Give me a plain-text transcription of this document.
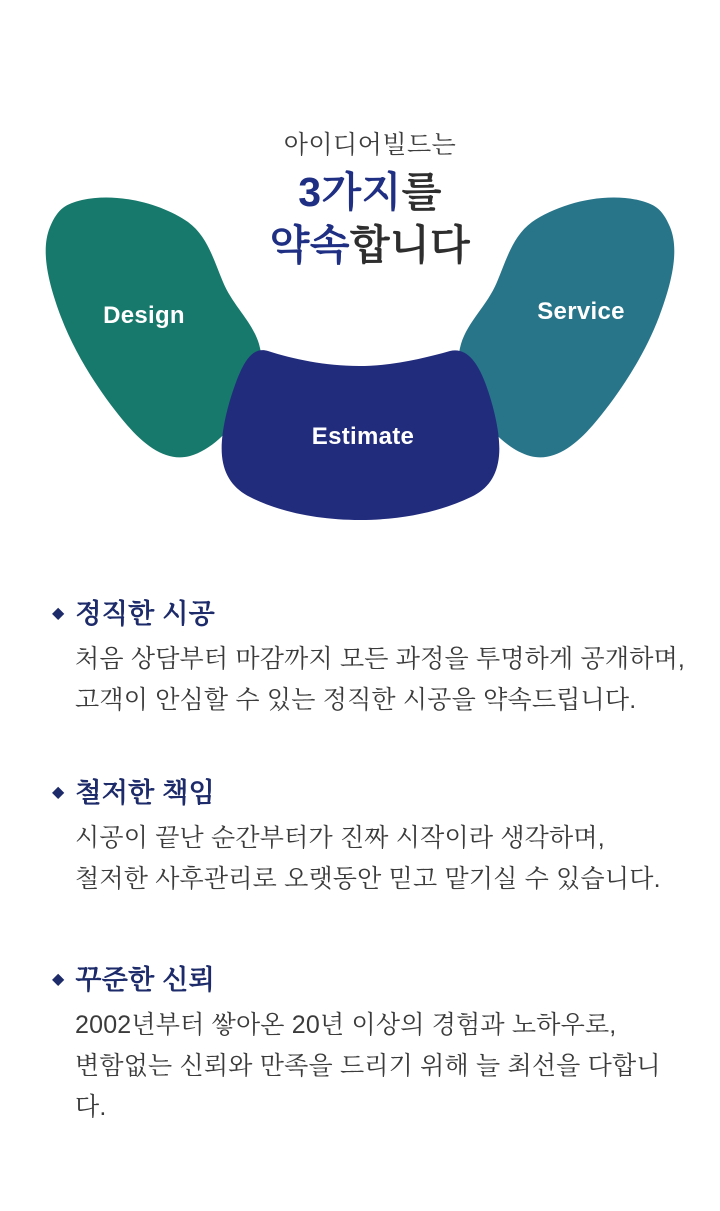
아이디어빌드는
3가지를
약속합니다
Design	Service
Estimate
◆ 정직한 시공
처음 상담부터 마감까지 모든 과정을 투명하게 공개하며,
고객이 안심할 수 있는 정직한 시공을 약속드립니다.
◆ 철저한 책임
시공이 끝난 순간부터가 진짜 시작이라 생각하며,
철저한 사후관리로 오랫동안 믿고 맡기실 수 있습니다.
◆ 꾸준한 신뢰
2002년부터 쌓아온 20년 이상의 경험과 노하우로,
변함없는 신뢰와 만족을 드리기 위해 늘 최선을 다합니다.
